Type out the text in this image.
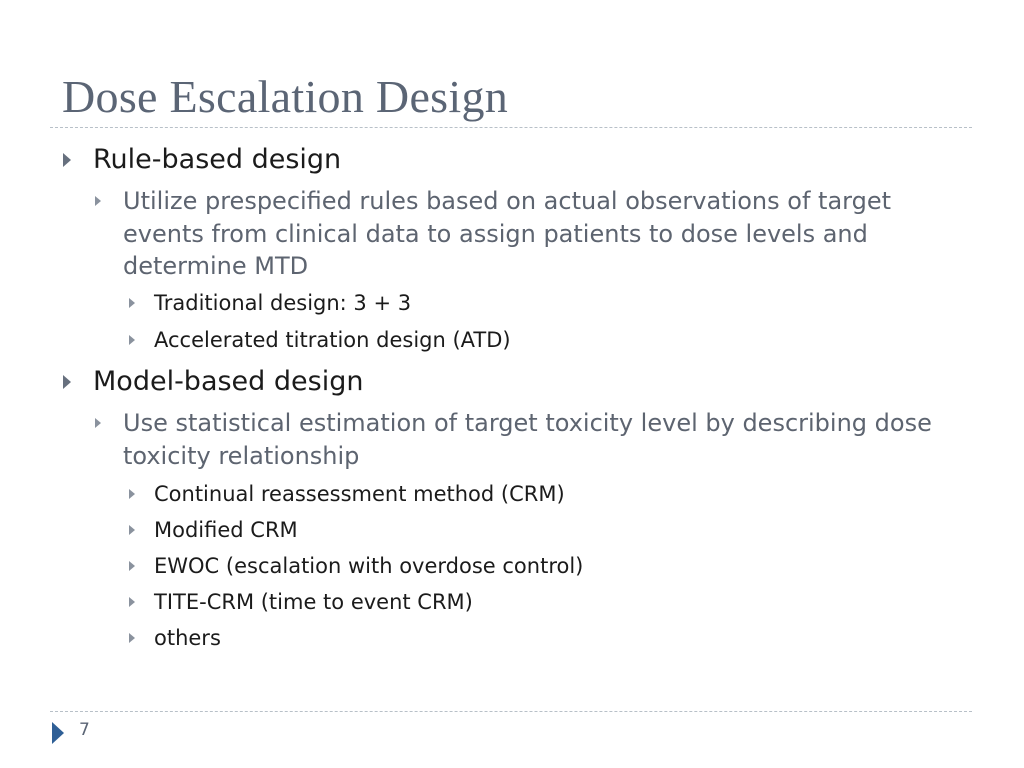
Dose Escalation Design
Rule-based design
Utilize prespecified rules based on actual observations of target events from clinical data to assign patients to dose levels and determine MTD
Traditional design: 3 + 3
Accelerated titration design (ATD)
Model-based design
Use statistical estimation of target toxicity level by describing dose toxicity relationship
Continual reassessment method (CRM)
Modified CRM
EWOC (escalation with overdose control)
TITE-CRM (time to event CRM)
others
7
